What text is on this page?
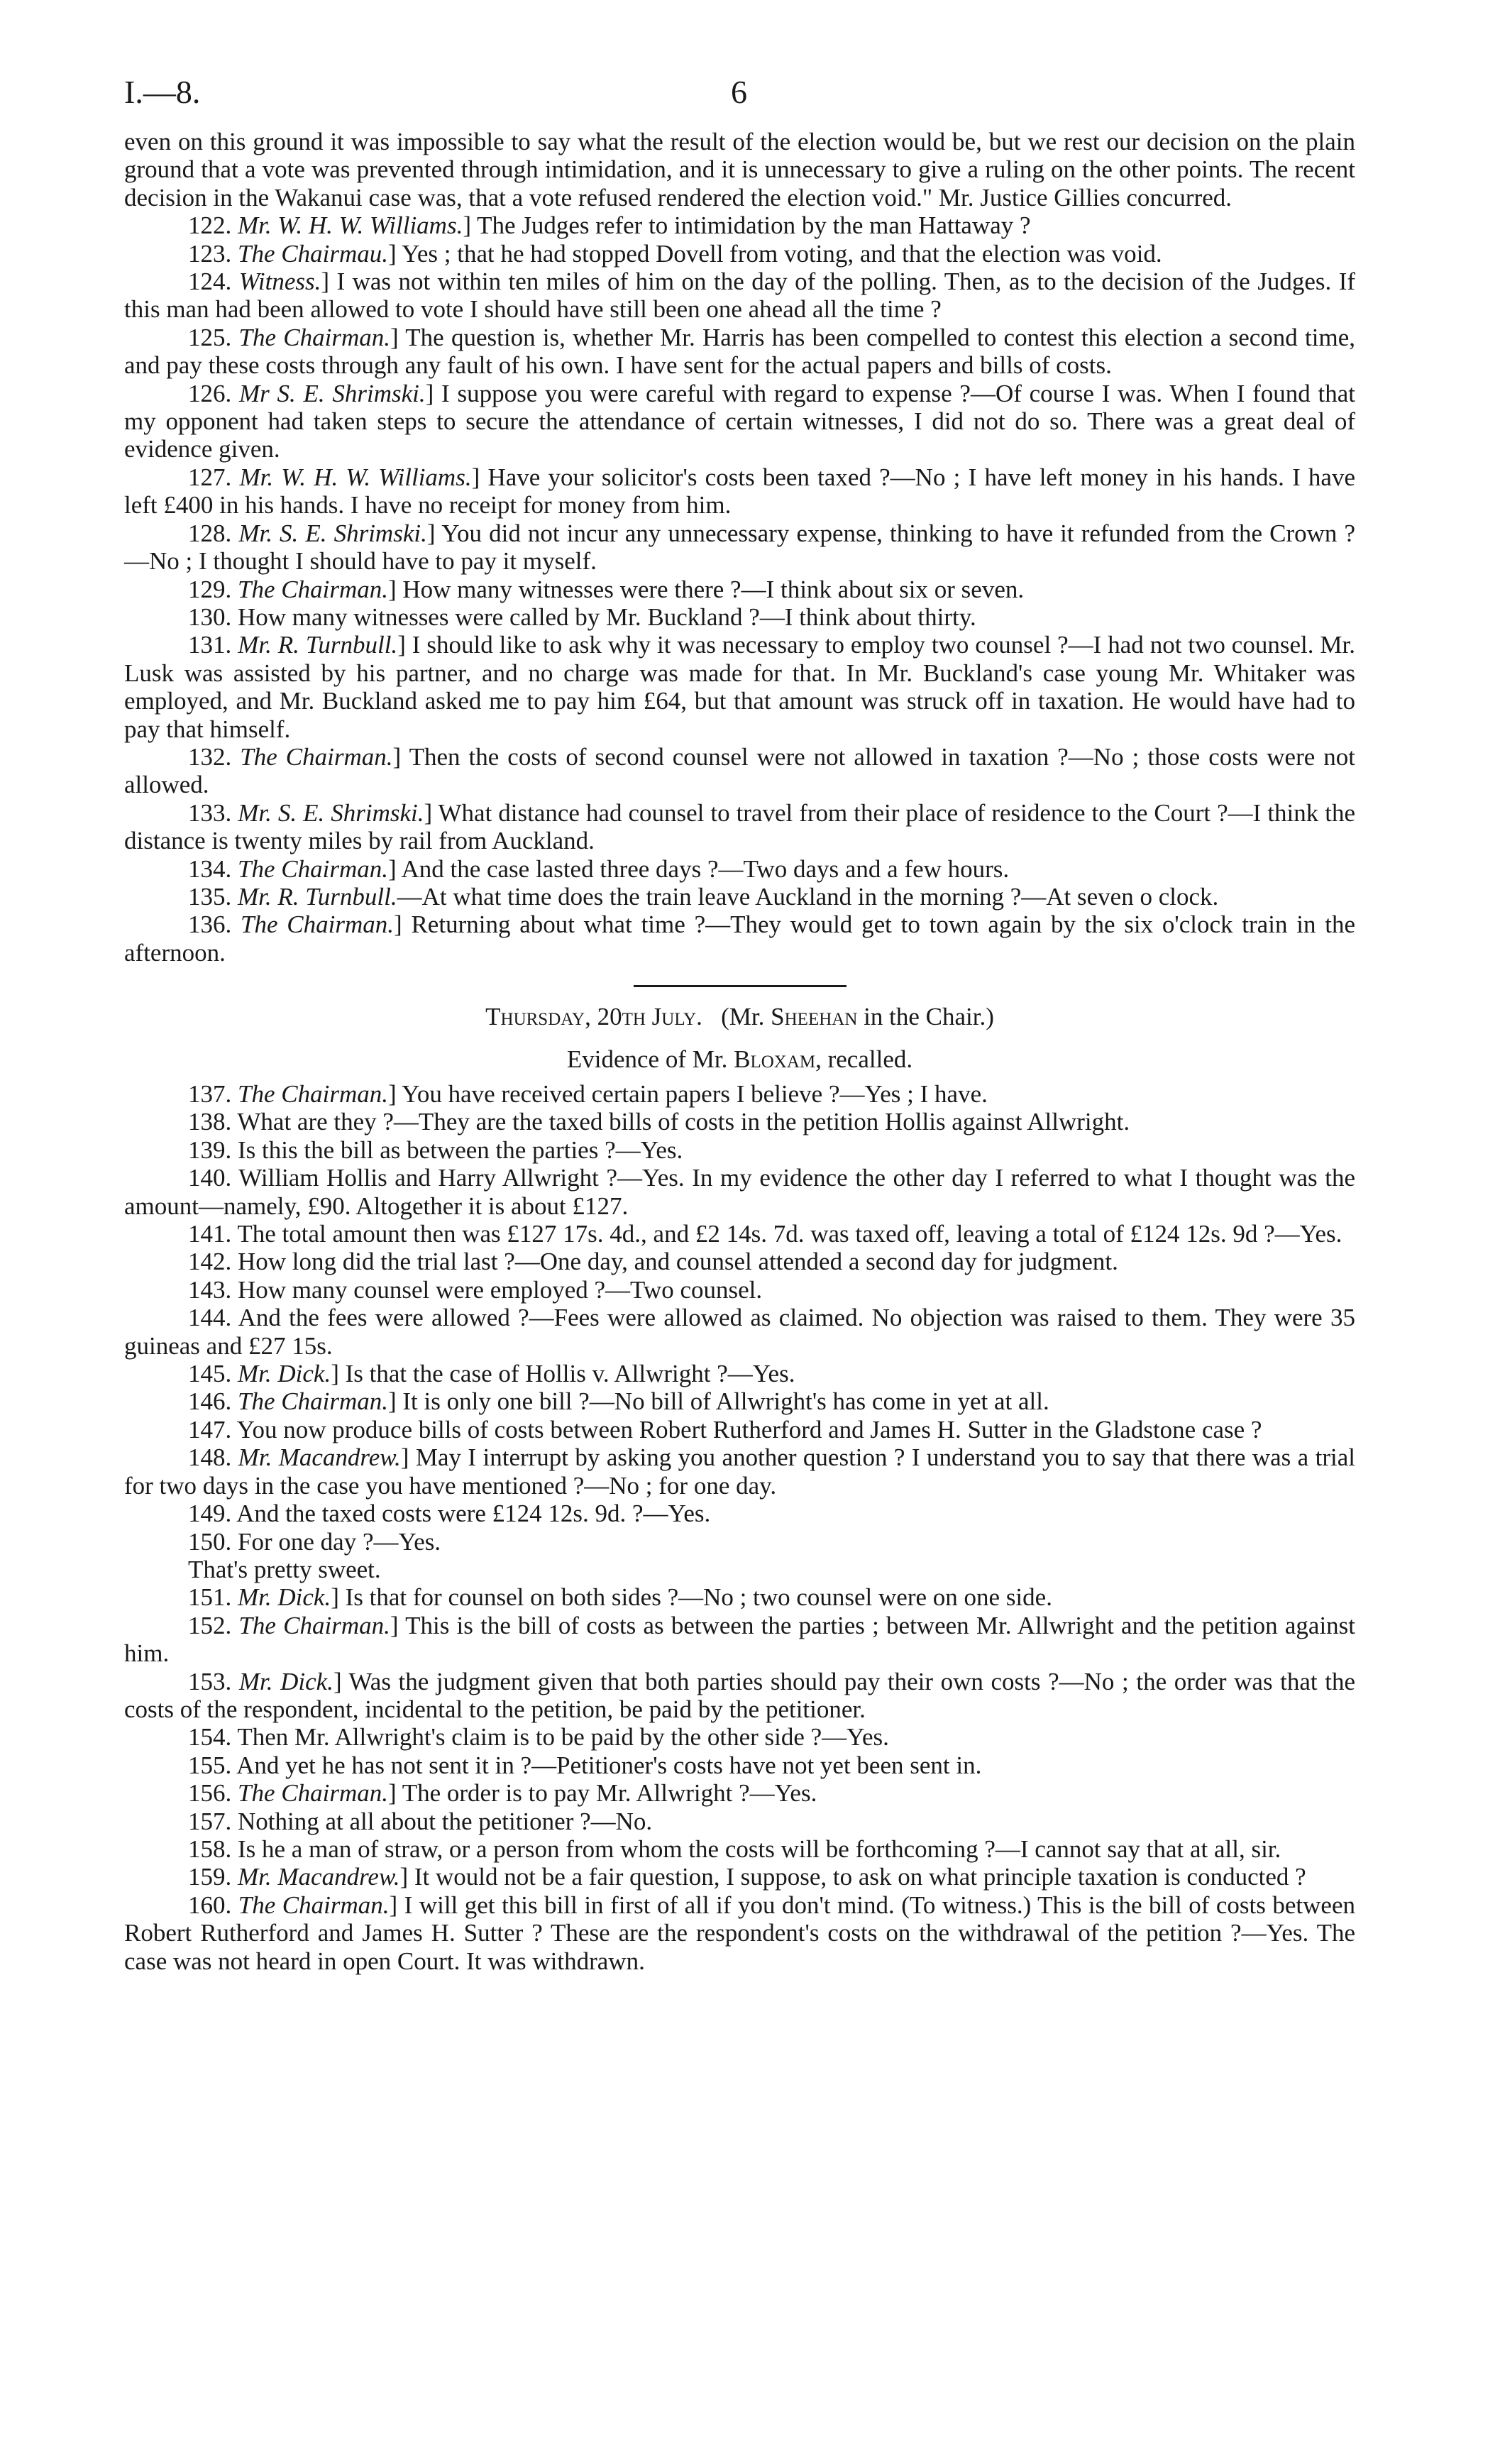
I.—8.	6

even on this ground it was impossible to say what the result of the election would be, but we rest our decision on the plain ground that a vote was prevented through intimidation, and it is unnecessary to give a ruling on the other points. The recent decision in the Wakanui case was, that a vote refused rendered the election void." Mr. Justice Gillies concurred.

122. Mr. W. H. W. Williams.] The Judges refer to intimidation by the man Hattaway ?

123. The Chairmau.] Yes ; that he had stopped Dovell from voting, and that the election was void.

124. Witness.] I was not within ten miles of him on the day of the polling. Then, as to the decision of the Judges. If this man had been allowed to vote I should have still been one ahead all the time ?

125. The Chairman.] The question is, whether Mr. Harris has been compelled to contest this election a second time, and pay these costs through any fault of his own. I have sent for the actual papers and bills of costs.

126. Mr S. E. Shrimski.] I suppose you were careful with regard to expense ?—Of course I was. When I found that my opponent had taken steps to secure the attendance of certain witnesses, I did not do so. There was a great deal of evidence given.

127. Mr. W. H. W. Williams.] Have your solicitor's costs been taxed ?—No ; I have left money in his hands. I have left £400 in his hands. I have no receipt for money from him.

128. Mr. S. E. Shrimski.] You did not incur any unnecessary expense, thinking to have it refunded from the Crown ?—No ; I thought I should have to pay it myself.

129. The Chairman.] How many witnesses were there ?—I think about six or seven.

130. How many witnesses were called by Mr. Buckland ?—I think about thirty.

131. Mr. R. Turnbull.] I should like to ask why it was necessary to employ two counsel ?—I had not two counsel. Mr. Lusk was assisted by his partner, and no charge was made for that. In Mr. Buckland's case young Mr. Whitaker was employed, and Mr. Buckland asked me to pay him £64, but that amount was struck off in taxation. He would have had to pay that himself.

132. The Chairman.] Then the costs of second counsel were not allowed in taxation ?—No ; those costs were not allowed.

133. Mr. S. E. Shrimski.] What distance had counsel to travel from their place of residence to the Court ?—I think the distance is twenty miles by rail from Auckland.

134. The Chairman.] And the case lasted three days ?—Two days and a few hours.

135. Mr. R. Turnbull.—At what time does the train leave Auckland in the morning ?—At seven o clock.

136. The Chairman.] Returning about what time ?—They would get to town again by the six o'clock train in the afternoon.

Thursday, 20th July. (Mr. Sheehan in the Chair.)

Evidence of Mr. Bloxam, recalled.

137. The Chairman.] You have received certain papers I believe ?—Yes ; I have.

138. What are they ?—They are the taxed bills of costs in the petition Hollis against Allwright.

139. Is this the bill as between the parties ?—Yes.

140. William Hollis and Harry Allwright ?—Yes. In my evidence the other day I referred to what I thought was the amount—namely, £90. Altogether it is about £127.

141. The total amount then was £127 17s. 4d., and £2 14s. 7d. was taxed off, leaving a total of £124 12s. 9d ?—Yes.

142. How long did the trial last ?—One day, and counsel attended a second day for judgment.

143. How many counsel were employed ?—Two counsel.

144. And the fees were allowed ?—Fees were allowed as claimed. No objection was raised to them. They were 35 guineas and £27 15s.

145. Mr. Dick.] Is that the case of Hollis v. Allwright ?—Yes.

146. The Chairman.] It is only one bill ?—No bill of Allwright's has come in yet at all.

147. You now produce bills of costs between Robert Rutherford and James H. Sutter in the Gladstone case ?

148. Mr. Macandrew.] May I interrupt by asking you another question ? I understand you to say that there was a trial for two days in the case you have mentioned ?—No ; for one day.

149. And the taxed costs were £124 12s. 9d. ?—Yes.

150. For one day ?—Yes.

That's pretty sweet.

151. Mr. Dick.] Is that for counsel on both sides ?—No ; two counsel were on one side.

152. The Chairman.] This is the bill of costs as between the parties ; between Mr. Allwright and the petition against him.

153. Mr. Dick.] Was the judgment given that both parties should pay their own costs ?—No ; the order was that the costs of the respondent, incidental to the petition, be paid by the petitioner.

154. Then Mr. Allwright's claim is to be paid by the other side ?—Yes.

155. And yet he has not sent it in ?—Petitioner's costs have not yet been sent in.

156. The Chairman.] The order is to pay Mr. Allwright ?—Yes.

157. Nothing at all about the petitioner ?—No.

158. Is he a man of straw, or a person from whom the costs will be forthcoming ?—I cannot say that at all, sir.

159. Mr. Macandrew.] It would not be a fair question, I suppose, to ask on what principle taxation is conducted ?

160. The Chairman.] I will get this bill in first of all if you don't mind. (To witness.) This is the bill of costs between Robert Rutherford and James H. Sutter ? These are the respondent's costs on the withdrawal of the petition ?—Yes. The case was not heard in open Court. It was withdrawn.
